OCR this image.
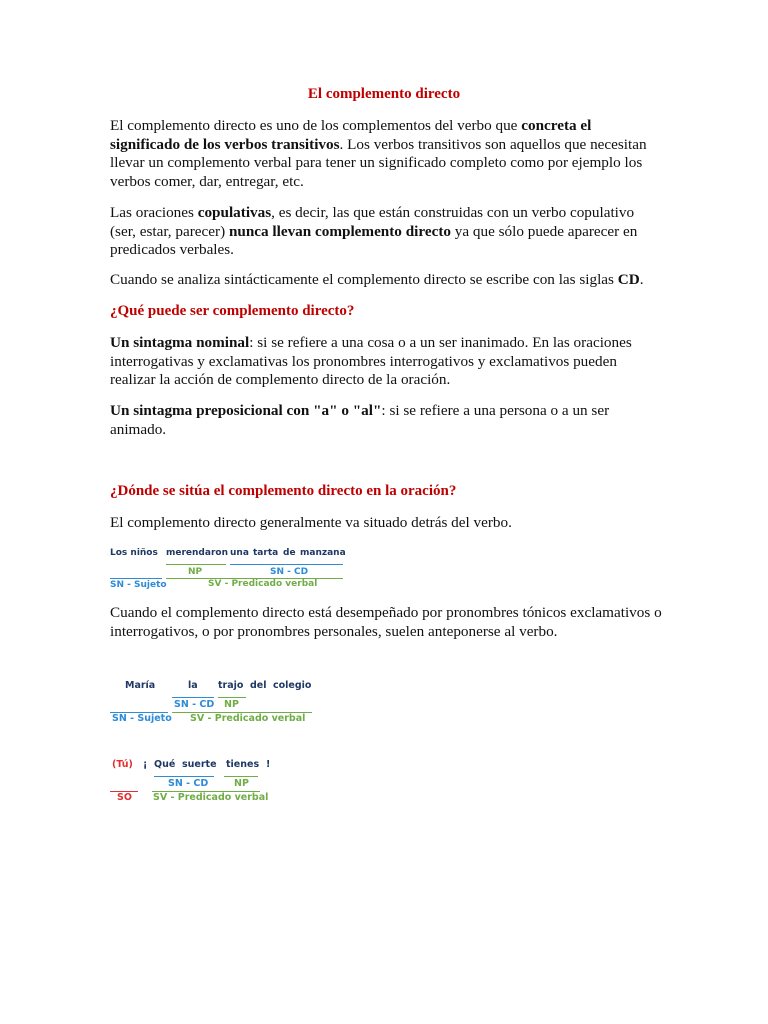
El complemento directo

El complemento directo es uno de los complementos del verbo que concreta el significado de los verbos transitivos. Los verbos transitivos son aquellos que necesitan llevar un complemento verbal para tener un significado completo como por ejemplo los verbos comer, dar, entregar, etc.

Las oraciones copulativas, es decir, las que están construidas con un verbo copulativo (ser, estar, parecer) nunca llevan complemento directo ya que sólo puede aparecer en predicados verbales.

Cuando se analiza sintácticamente el complemento directo se escribe con las siglas CD.

¿Qué puede ser complemento directo?

Un sintagma nominal: si se refiere a una cosa o a un ser inanimado. En las oraciones interrogativas y exclamativas los pronombres interrogativos y exclamativos pueden realizar la acción de complemento directo de la oración.

Un sintagma preposicional con "a" o "al": si se refiere a una persona o a un ser animado.

¿Dónde se sitúa el complemento directo en la oración?

El complemento directo generalmente va situado detrás del verbo.

Cuando el complemento directo está desempeñado por pronombres tónicos exclamativos o interrogativos, o por pronombres personales, suelen anteponerse al verbo.

Los niños merendaron una tarta de manzana
NP	SN - CD
SN - Sujeto	SV - Predicado verbal
María	la trajo del colegio
SN - CD NP
SN - Sujeto SV - Predicado verbal
(Tú) ¡ Qué suerte tienes !
SN - CD	NP
SO SV - Predicado verbal
